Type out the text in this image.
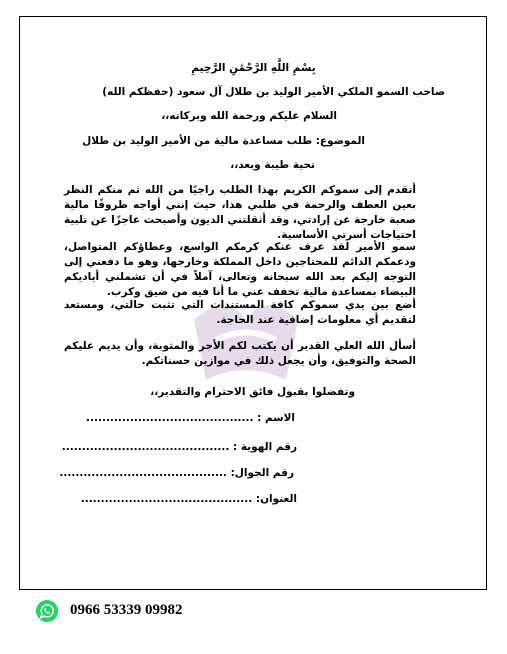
بِسْمِ اللَّهِ الرَّحْمَٰنِ الرَّحِيمِ
صاحب السمو الملكي الأمير الوليد بن طلال آل سعود (حفظكم الله)
السلام عليكم ورحمة الله وبركاته،،
الموضوع: طلب مساعدة مالية من الأمير الوليد بن طلال
تحية طيبة وبعد،،
أتقدم إلى سموكم الكريم بهذا الطلب راجيًا من الله ثم منكم النظر بعين العطف والرحمة في طلبي هذا، حيث إنني أواجه ظروفًا مالية صعبة خارجة عن إرادتي، وقد أثقلتني الديون وأصبحت عاجزًا عن تلبية احتياجات أسرتي الأساسية.
سمو الأمير لقد عرف عنكم كرمكم الواسع، وعطاؤكم المتواصل، ودعمكم الدائم للمحتاجين داخل المملكة وخارجها، وهو ما دفعني إلى التوجه إليكم بعد الله سبحانه وتعالى، آملاً في أن تشملني أياديكم البيضاء بمساعدة مالية تخفف عني ما أنا فيه من ضيق وكرب.
أضع بين يدي سموكم كافة المستندات التي تثبت حالتي، ومستعد لتقديم أي معلومات إضافية عند الحاجة.
أسأل الله العلي القدير أن يكتب لكم الأجر والمثوبة، وأن يديم عليكم الصحة والتوفيق، وأن يجعل ذلك في موازين حسناتكم.
وتفضلوا بقبول فائق الاحترام والتقدير،،
الاسم : ..........................................
رقم الهوية : ..........................................
رقم الجوال: ..........................................
العنوان: ...........................................
0966 53339 09982
